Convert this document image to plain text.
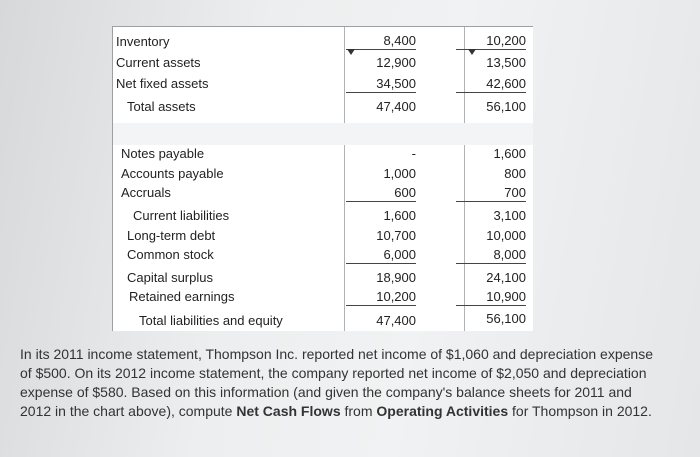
Inventory	8,400	10,200
Current assets	12,900	13,500
Net fixed assets	34,500	42,600
Total assets	47,400	56,100
Notes payable	-	1,600
Accounts payable	1,000	800
Accruals	600	700
Current liabilities	1,600	3,100
Long-term debt	10,700	10,000
Common stock	6,000	8,000
Capital surplus	18,900	24,100
Retained earnings	10,200	10,900
Total liabilities and equity	47,400	56,100
In its 2011 income statement, Thompson Inc. reported net income of $1,060 and depreciation expense of $500. On its 2012 income statement, the company reported net income of $2,050 and depreciation expense of $580. Based on this information (and given the company's balance sheets for 2011 and 2012 in the chart above), compute Net Cash Flows from Operating Activities for Thompson in 2012.
